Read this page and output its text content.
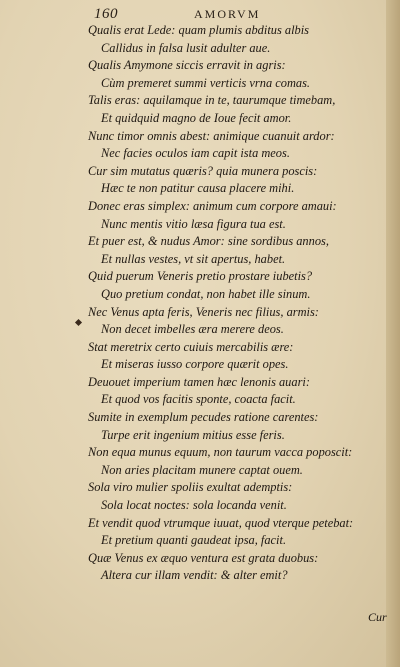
160	AMORVM
Qualis erat Lede: quam plumis abditus albis
Callidus in falsa lusit adulter aue.
Qualis Amymone siccis erravit in agris:
Cùm premeret summi verticis vrna comas.
Talis eras: aquilamque in te, taurumque timebam,
Et quidquid magno de Ioue fecit amor.
Nunc timor omnis abest: animique cuanuit ardor:
Nec facies oculos iam capit ista meos.
Cur sim mutatus quæris? quia munera poscis:
Hæc te non patitur causa placere mihi.
Donec eras simplex: animum cum corpore amaui:
Nunc mentis vitio læsa figura tua est.
Et puer est, & nudus Amor: sine sordibus annos,
Et nullas vestes, vt sit apertus, habet.
Quid puerum Veneris pretio prostare iubetis?
Quo pretium condat, non habet ille sinum.
Nec Venus apta feris, Veneris nec filius, armis:
Non decet imbelles æra merere deos.
Stat meretrix certo cuiuis mercabilis ære:
Et miseras iusso corpore quærit opes.
Deuouet imperium tamen hæc lenonis auari:
Et quod vos facitis sponte, coacta facit.
Sumite in exemplum pecudes ratione carentes:
Turpe erit ingenium mitius esse feris.
Non equa munus equum, non taurum vacca poposcit:
Non aries placitam munere captat ouem.
Sola viro mulier spoliis exultat ademptis:
Sola locat noctes: sola locanda venit.
Et vendit quod vtrumque iuuat, quod vterque petebat:
Et pretium quanti gaudeat ipsa, facit.
Quæ Venus ex æquo ventura est grata duobus:
Altera cur illam vendit: & alter emit?
Cur
